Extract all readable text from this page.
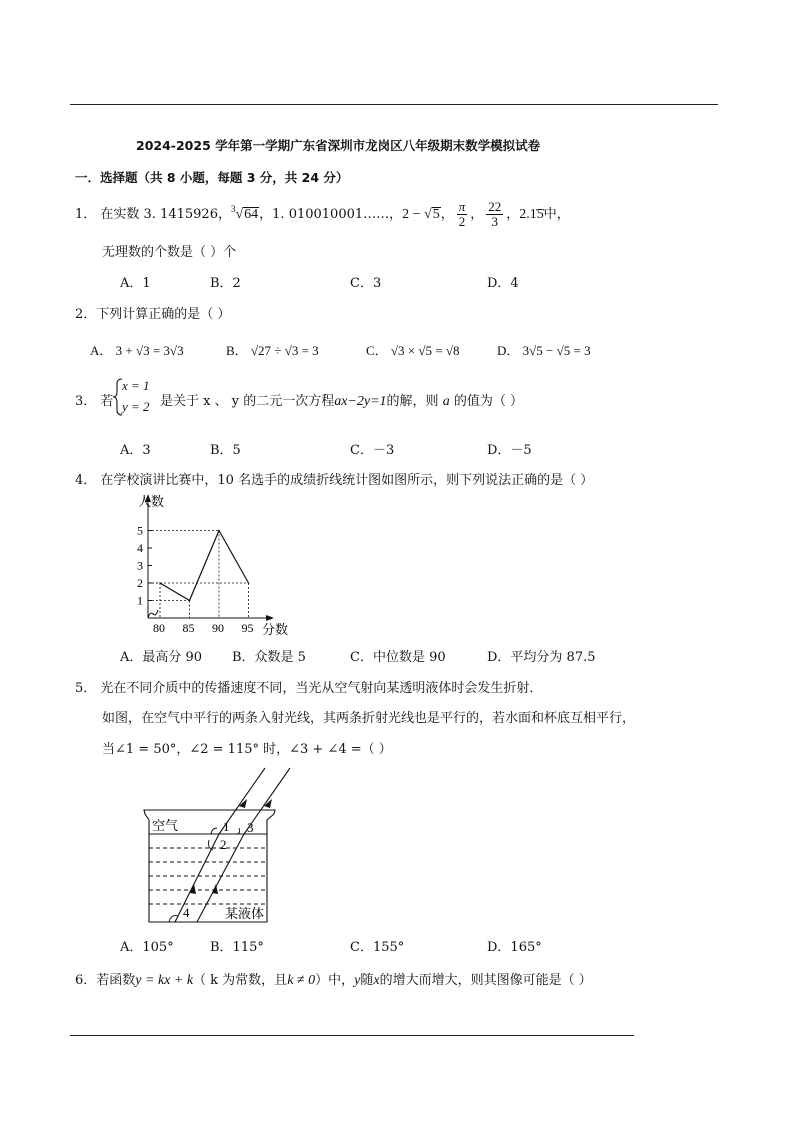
2024-2025 学年第一学期广东省深圳市龙岗区八年级期末数学模拟试卷
一．选择题（共 8 小题，每题 3 分，共 24 分）
1． 在实数 3. 1415926，$^3$√64，1. 010010001……，2 − √5， $\frac{\pi}{2}$ ， $\frac{22}{3}$ ，2.1̇5̇中，
无理数的个数是（ ）个
A．1	B．2	C．3	D．4
2．下列计算正确的是（ ）
A． 3 + √3 = 3√3	B． √27 ÷ √3 = 3	C． √3 × √5 = √8	D． 3√5 − √5 = 3
3． 若
x = 1
y = 2 是关于 x 、 y 的二元一次方程ax−2y=1的解，则 a 的值为（ ）
A．3	B．5	C．－3	D．－5
4． 在学校演讲比赛中，10 名选手的成绩折线统计图如图所示，则下列说法正确的是（ ）
1
2
3
4
5
80 85 90 95
人数
分数
A．最高分 90 B．众数是 5	C．中位数是 90	D．平均分为 87.5
5． 光在不同介质中的传播速度不同，当光从空气射向某透明液体时会发生折射．
如图，在空气中平行的两条入射光线，其两条折射光线也是平行的，若水面和杯底互相平行，
当∠1 = 50°，∠2 = 115° 时，∠3 + ∠4 =（ ）
空气
某液体
1
2
3
4
A．105°	B．115°	C．155°	D．165°
6．若函数y = kx + k（ k 为常数，且k ≠ 0）中，y随x的增大而增大，则其图像可能是（ ）
